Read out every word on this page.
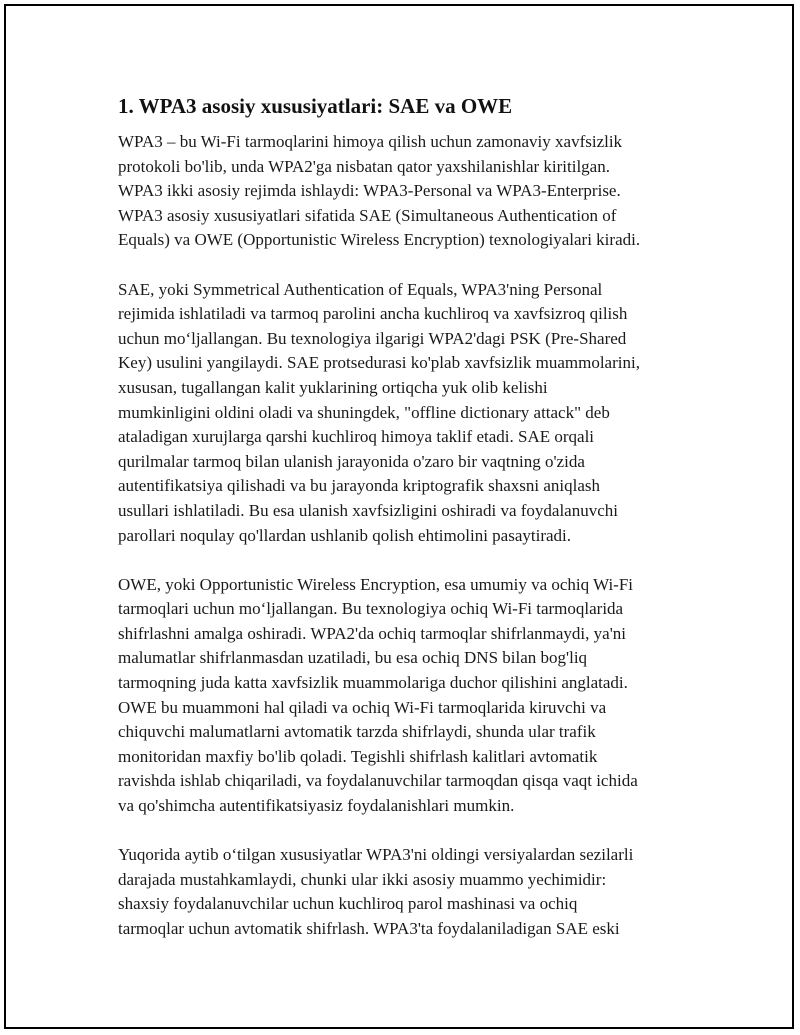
1. WPA3 asosiy xususiyatlari: SAE va OWE

WPA3 – bu Wi-Fi tarmoqlarini himoya qilish uchun zamonaviy xavfsizlik
protokoli bo'lib, unda WPA2'ga nisbatan qator yaxshilanishlar kiritilgan.
WPA3 ikki asosiy rejimda ishlaydi: WPA3-Personal va WPA3-Enterprise.
WPA3 asosiy xususiyatlari sifatida SAE (Simultaneous Authentication of
Equals) va OWE (Opportunistic Wireless Encryption) texnologiyalari kiradi.

SAE, yoki Symmetrical Authentication of Equals, WPA3'ning Personal
rejimida ishlatiladi va tarmoq parolini ancha kuchliroq va xavfsizroq qilish
uchun mo‘ljallangan. Bu texnologiya ilgarigi WPA2'dagi PSK (Pre-Shared
Key) usulini yangilaydi. SAE protsedurasi ko'plab xavfsizlik muammolarini,
xususan, tugallangan kalit yuklarining ortiqcha yuk olib kelishi
mumkinligini oldini oladi va shuningdek, "offline dictionary attack" deb
ataladigan xurujlarga qarshi kuchliroq himoya taklif etadi. SAE orqali
qurilmalar tarmoq bilan ulanish jarayonida o'zaro bir vaqtning o'zida
autentifikatsiya qilishadi va bu jarayonda kriptografik shaxsni aniqlash
usullari ishlatiladi. Bu esa ulanish xavfsizligini oshiradi va foydalanuvchi
parollari noqulay qo'llardan ushlanib qolish ehtimolini pasaytiradi.

OWE, yoki Opportunistic Wireless Encryption, esa umumiy va ochiq Wi-Fi
tarmoqlari uchun mo‘ljallangan. Bu texnologiya ochiq Wi-Fi tarmoqlarida
shifrlashni amalga oshiradi. WPA2'da ochiq tarmoqlar shifrlanmaydi, ya'ni
malumatlar shifrlanmasdan uzatiladi, bu esa ochiq DNS bilan bog'liq
tarmoqning juda katta xavfsizlik muammolariga duchor qilishini anglatadi.
OWE bu muammoni hal qiladi va ochiq Wi-Fi tarmoqlarida kiruvchi va
chiquvchi malumatlarni avtomatik tarzda shifrlaydi, shunda ular trafik
monitoridan maxfiy bo'lib qoladi. Tegishli shifrlash kalitlari avtomatik
ravishda ishlab chiqariladi, va foydalanuvchilar tarmoqdan qisqa vaqt ichida
va qo'shimcha autentifikatsiyasiz foydalanishlari mumkin.

Yuqorida aytib o‘tilgan xususiyatlar WPA3'ni oldingi versiyalardan sezilarli
darajada mustahkamlaydi, chunki ular ikki asosiy muammo yechimidir:
shaxsiy foydalanuvchilar uchun kuchliroq parol mashinasi va ochiq
tarmoqlar uchun avtomatik shifrlash. WPA3'ta foydalaniladigan SAE eski
